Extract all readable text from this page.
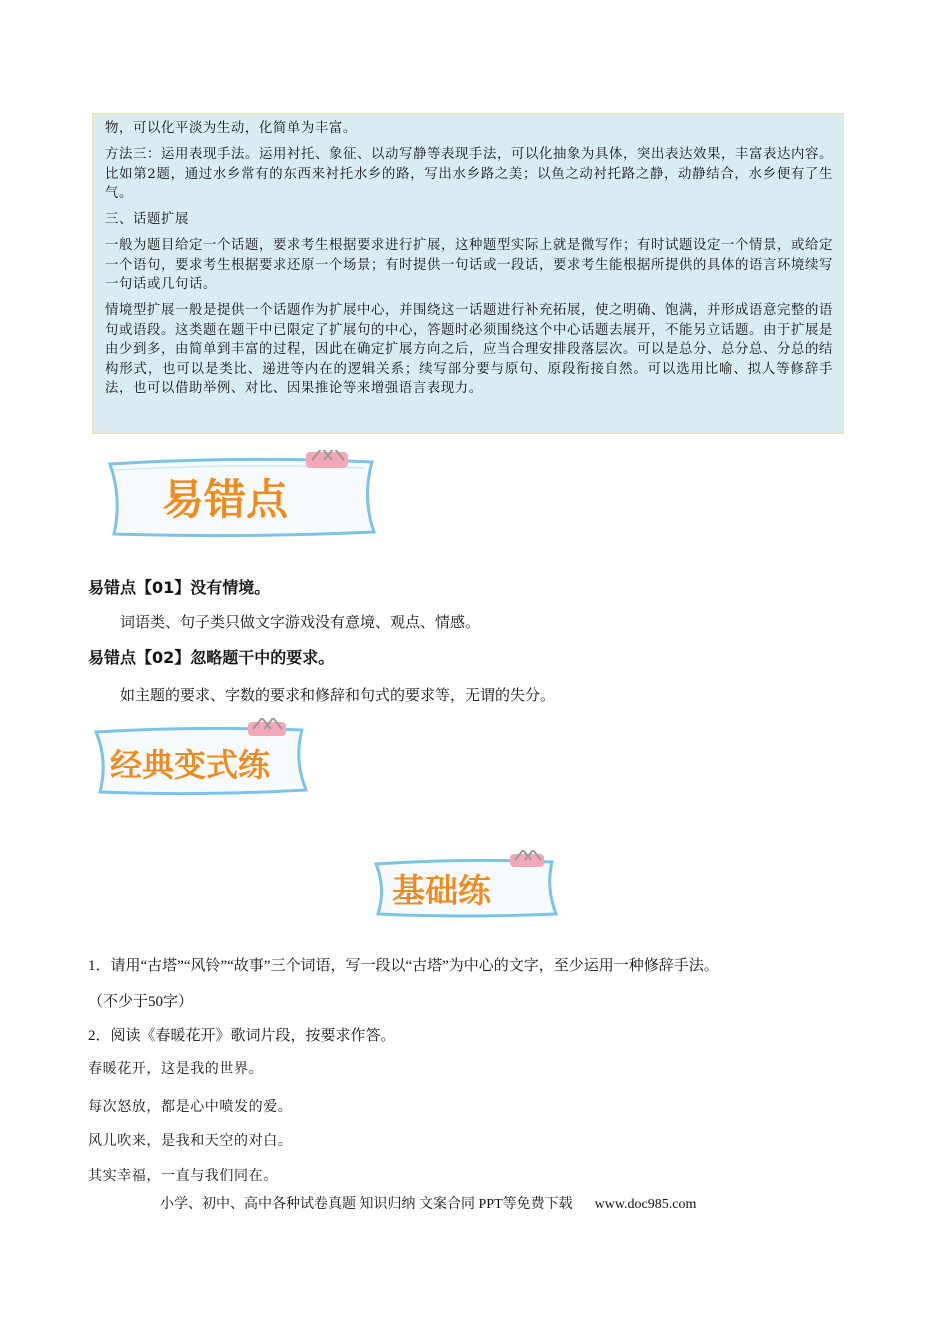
物，可以化平淡为生动，化简单为丰富。

方法三：运用表现手法。运用衬托、象征、以动写静等表现手法，可以化抽象为具体，突出表达效果，丰富表达内容。比如第2题，通过水乡常有的东西来衬托水乡的路，写出水乡路之美；以鱼之动衬托路之静，动静结合，水乡便有了生气。

三、话题扩展

一般为题目给定一个话题，要求考生根据要求进行扩展，这种题型实际上就是微写作；有时试题设定一个情景，或给定一个语句，要求考生根据要求还原一个场景；有时提供一句话或一段话，要求考生能根据所提供的具体的语言环境续写一句话或几句话。

情境型扩展一般是提供一个话题作为扩展中心，并围绕这一话题进行补充拓展，使之明确、饱满，并形成语意完整的语句或语段。这类题在题干中已限定了扩展句的中心，答题时必须围绕这个中心话题去展开，不能另立话题。由于扩展是由少到多，由简单到丰富的过程，因此在确定扩展方向之后，应当合理安排段落层次。可以是总分、总分总、分总的结构形式，也可以是类比、递进等内在的逻辑关系；续写部分要与原句、原段衔接自然。可以选用比喻、拟人等修辞手法，也可以借助举例、对比、因果推论等来增强语言表现力。

易错点
易错点【01】没有情境。
词语类、句子类只做文字游戏没有意境、观点、情感。
易错点【02】忽略题干中的要求。
如主题的要求、字数的要求和修辞和句式的要求等，无谓的失分。
经典变式练
基础练
1．请用“古塔”“风铃”“故事”三个词语，写一段以“古塔”为中心的文字，至少运用一种修辞手法。
（不少于50字）
2．阅读《春暖花开》歌词片段，按要求作答。
春暖花开，这是我的世界。
每次怒放，都是心中喷发的爱。
风儿吹来，是我和天空的对白。
其实幸福，一直与我们同在。
小学、初中、高中各种试卷真题 知识归纳 文案合同 PPT等免费下载 www.doc985.com
